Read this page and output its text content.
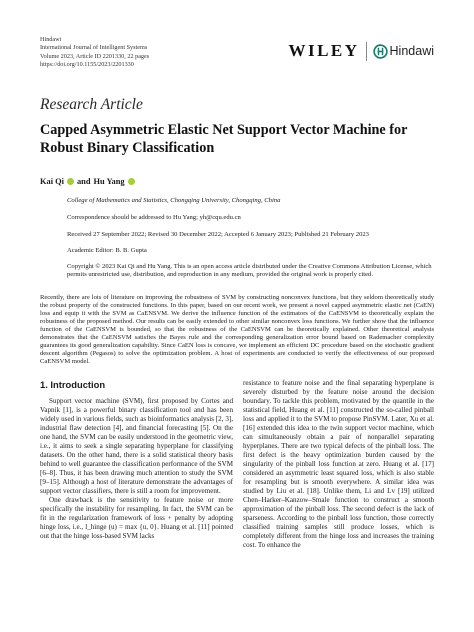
Hindawi
International Journal of Intelligent Systems
Volume 2023, Article ID 2201330, 22 pages
https://doi.org/10.1155/2023/2201330
WILEY Hindawi
Research Article
Capped Asymmetric Elastic Net Support Vector Machine for Robust Binary Classification
Kai Qi and Hu Yang
College of Mathematics and Statistics, Chongqing University, Chongqing, China
Correspondence should be addressed to Hu Yang; yh@cqu.edu.cn
Received 27 September 2022; Revised 30 December 2022; Accepted 6 January 2023; Published 21 February 2023
Academic Editor: B. B. Gupta
Copyright © 2023 Kai Qi and Hu Yang. This is an open access article distributed under the Creative Commons Attribution License, which permits unrestricted use, distribution, and reproduction in any medium, provided the original work is properly cited.
Recently, there are lots of literature on improving the robustness of SVM by constructing nonconvex functions, but they seldom theoretically study the robust property of the constructed functions. In this paper, based on our recent work, we present a novel capped asymmetric elastic net (CaEN) loss and equip it with the SVM as CaENSVM. We derive the influence function of the estimators of the CaENSVM to theoretically explain the robustness of the proposed method. Our results can be easily extended to other similar nonconvex loss functions. We further show that the influence function of the CaENSVM is bounded, so that the robustness of the CaENSVM can be theoretically explained. Other theoretical analysis demonstrates that the CaENSVM satisfies the Bayes rule and the corresponding generalization error bound based on Rademacher complexity guarantees its good generalization capability. Since CaEN loss is concave, we implement an efficient DC procedure based on the stochastic gradient descent algorithm (Pegasos) to solve the optimization problem. A host of experiments are conducted to verify the effectiveness of our proposed CaENSVM model.
1. Introduction

Support vector machine (SVM), first proposed by Cortes and Vapnik [1], is a powerful binary classification tool and has been widely used in various fields, such as bioinformatics analysis [2, 3], industrial flaw detection [4], and financial forecasting [5]. On the one hand, the SVM can be easily understood in the geometric view, i.e., it aims to seek a single separating hyperplane for classifying datasets. On the other hand, there is a solid statistical theory basis behind to well guarantee the classification performance of the SVM [6–8]. Thus, it has been drawing much attention to study the SVM [9–15]. Although a host of literature demonstrate the advantages of support vector classifiers, there is still a room for improvement.

One drawback is the sensitivity to feature noise or more specifically the instability for resampling. In fact, the SVM can be fit in the regularization framework of loss + penalty by adopting hinge loss, i.e., l_hinge (u) = max {u, 0}. Huang et al. [11] pointed out that the hinge loss-based SVM lacks

resistance to feature noise and the final separating hyperplane is severely disturbed by the feature noise around the decision boundary. To tackle this problem, motivated by the quantile in the statistical field, Huang et al. [11] constructed the so-called pinball loss and applied it to the SVM to propose PinSVM. Later, Xu et al. [16] extended this idea to the twin support vector machine, which can simultaneously obtain a pair of nonparallel separating hyperplanes. There are two typical defects of the pinball loss. The first defect is the heavy optimization burden caused by the singularity of the pinball loss function at zero. Huang et al. [17] considered an asymmetric least squared loss, which is also stable for resampling but is smooth everywhere. A similar idea was studied by Liu et al. [18]. Unlike them, Li and Lv [19] utilized Chen–Harker–Kanzow–Smale function to construct a smooth approximation of the pinball loss. The second defect is the lack of sparseness. According to the pinball loss function, those correctly classified training samples still produce losses, which is completely different from the hinge loss and increases the training cost. To enhance the
